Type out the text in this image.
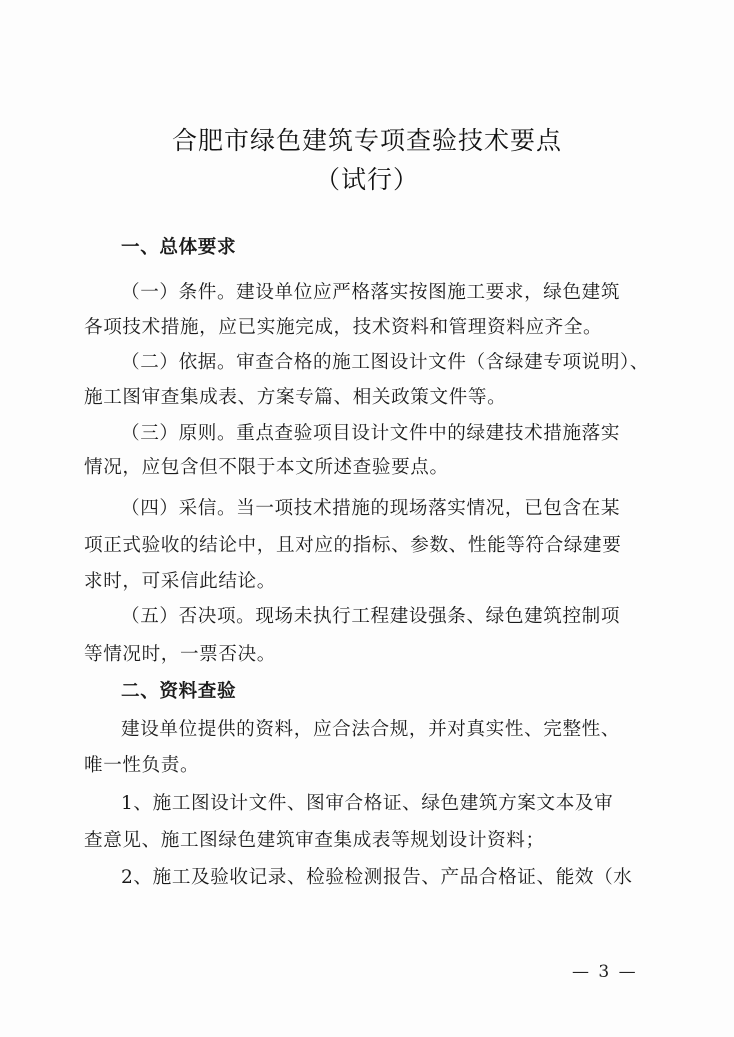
合肥市绿色建筑专项查验技术要点
（试行）
一、总体要求
（一）条件。建设单位应严格落实按图施工要求，绿色建筑
各项技术措施，应已实施完成，技术资料和管理资料应齐全。
（二）依据。审查合格的施工图设计文件（含绿建专项说明）、
施工图审查集成表、方案专篇、相关政策文件等。
（三）原则。重点查验项目设计文件中的绿建技术措施落实
情况，应包含但不限于本文所述查验要点。
（四）采信。当一项技术措施的现场落实情况，已包含在某
项正式验收的结论中，且对应的指标、参数、性能等符合绿建要
求时，可采信此结论。
（五）否决项。现场未执行工程建设强条、绿色建筑控制项
等情况时，一票否决。
二、资料查验
建设单位提供的资料，应合法合规，并对真实性、完整性、
唯一性负责。
1、施工图设计文件、图审合格证、绿色建筑方案文本及审
查意见、施工图绿色建筑审查集成表等规划设计资料；
2、施工及验收记录、检验检测报告、产品合格证、能效（水
— 3 —
